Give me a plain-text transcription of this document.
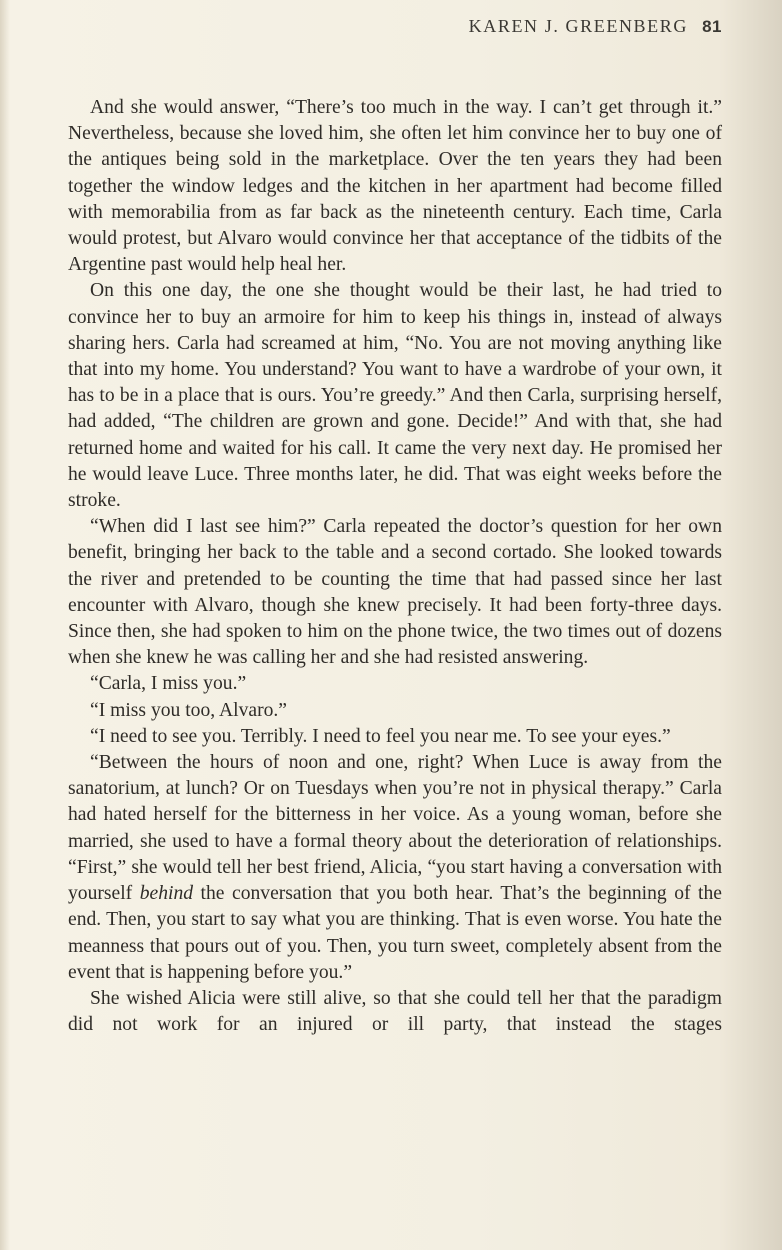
KAREN J. GREENBERG 81

And she would answer, “There’s too much in the way. I can’t get through it.” Nevertheless, because she loved him, she often let him convince her to buy one of the antiques being sold in the marketplace. Over the ten years they had been together the window ledges and the kitchen in her apartment had become filled with memorabilia from as far back as the nineteenth century. Each time, Carla would protest, but Alvaro would convince her that acceptance of the tidbits of the Argentine past would help heal her.

On this one day, the one she thought would be their last, he had tried to convince her to buy an armoire for him to keep his things in, instead of always sharing hers. Carla had screamed at him, “No. You are not moving anything like that into my home. You understand? You want to have a wardrobe of your own, it has to be in a place that is ours. You’re greedy.” And then Carla, surprising herself, had added, “The children are grown and gone. Decide!” And with that, she had returned home and waited for his call. It came the very next day. He promised her he would leave Luce. Three months later, he did. That was eight weeks before the stroke.

“When did I last see him?” Carla repeated the doctor’s question for her own benefit, bringing her back to the table and a second cortado. She looked towards the river and pretended to be counting the time that had passed since her last encounter with Alvaro, though she knew precisely. It had been forty-three days. Since then, she had spoken to him on the phone twice, the two times out of dozens when she knew he was calling her and she had resisted answering.

“Carla, I miss you.”

“I miss you too, Alvaro.”

“I need to see you. Terribly. I need to feel you near me. To see your eyes.”

“Between the hours of noon and one, right? When Luce is away from the sanatorium, at lunch? Or on Tuesdays when you’re not in physical therapy.” Carla had hated herself for the bitterness in her voice. As a young woman, before she married, she used to have a formal theory about the deterioration of relationships. “First,” she would tell her best friend, Alicia, “you start having a conversation with yourself behind the conversation that you both hear. That’s the beginning of the end. Then, you start to say what you are thinking. That is even worse. You hate the meanness that pours out of you. Then, you turn sweet, completely absent from the event that is happening before you.”

She wished Alicia were still alive, so that she could tell her that the paradigm did not work for an injured or ill party, that instead the stages
